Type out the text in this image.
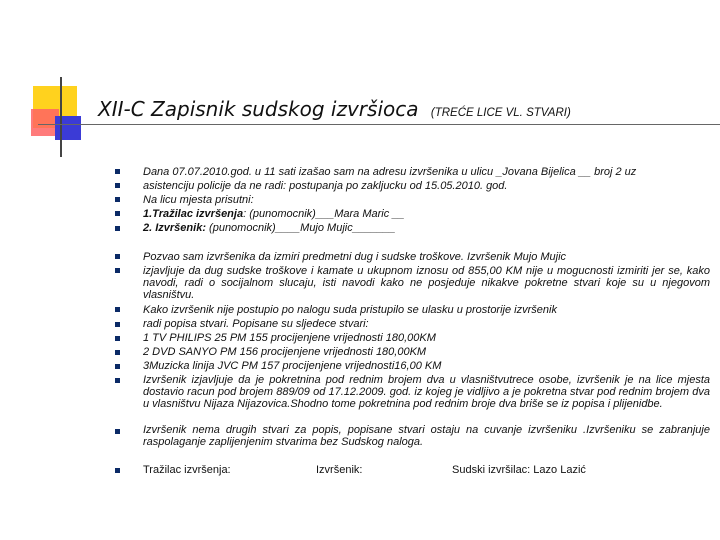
XII-C Zapisnik sudskog izvršioca (TREĆE LICE VL. STVARI)
Dana 07.07.2010.god. u 11 sati izašao sam na adresu izvršenika u ulicu _Jovana Bijelica __ broj 2 uz
asistenciju policije da ne radi: postupanja po zakljucku od 15.05.2010. god.
Na licu mjesta prisutni:
1.Tražilac izvršenja: (punomocnik)___Mara Maric __
2. Izvršenik: (punomocnik)____Mujo Mujic_______
Pozvao sam izvršenika da izmiri predmetni dug i sudske troškove. Izvršenik Mujo Mujic
izjavljuje da dug sudske troškove i kamate u ukupnom iznosu od 855,00 KM nije u mogucnosti izmiriti jer se, kako navodi, radi o socijalnom slucaju, isti navodi kako ne posjeduje nikakve pokretne stvari koje su u njegovom vlasništvu.
Kako izvršenik nije postupio po nalogu suda pristupilo se ulasku u prostorije izvršenik
radi popisa stvari. Popisane su sljedece stvari:
1 TV PHILIPS 25 PM 155 procijenjene vrijednosti 180,00KM
2 DVD SANYO PM 156 procijenjene vrijednosti 180,00KM
3Muzicka linija JVC PM 157 procijenjene vrijednosti16,00 KM
Izvršenik izjavljuje da je pokretnina pod rednim brojem dva u vlasništvutrece osobe, izvršenik je na lice mjesta dostavio racun pod brojem 889/09 od 17.12.2009. god. iz kojeg je vidljivo a je pokretna stvar pod rednim brojem dva u vlasništvu Nijaza Nijazovica.Shodno tome pokretnina pod rednim broje dva briše se iz popisa i plijenidbe.
Izvršenik nema drugih stvari za popis, popisane stvari ostaju na cuvanje izvršeniku .Izvršeniku se zabranjuje raspolaganje zaplijenjenim stvarima bez Sudskog naloga.
Tražilac izvršenja:	Izvršenik:	Sudski izvršilac: Lazo Lazić
